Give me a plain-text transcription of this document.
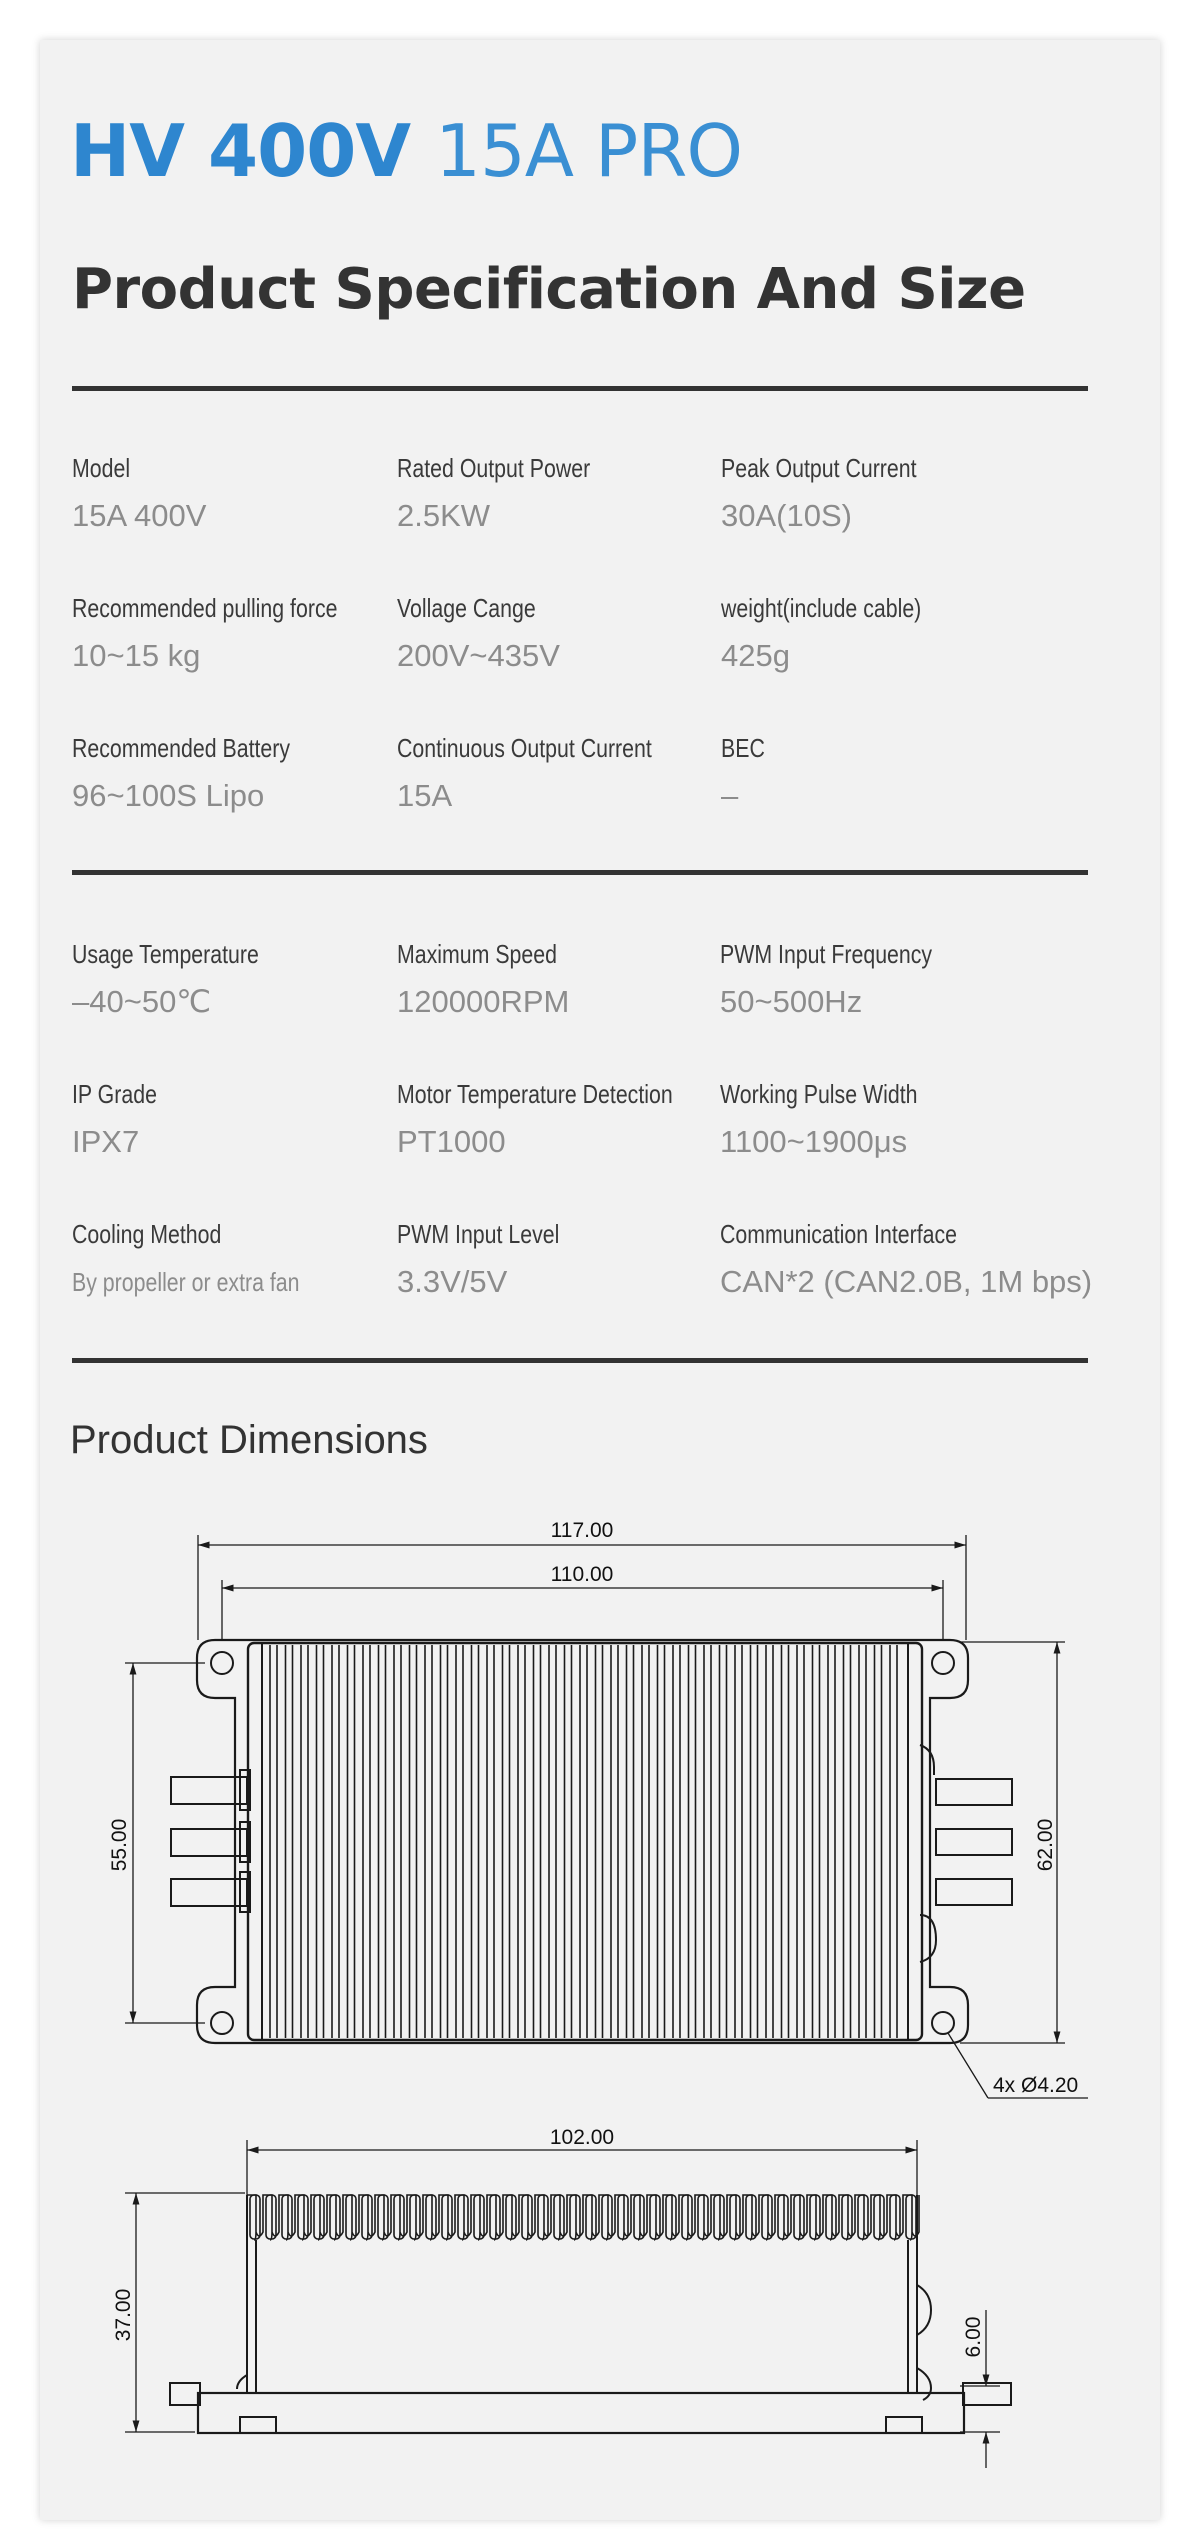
HV 400V 15A PRO
Product Specification And Size
Model
15A 400V
Rated Output Power
2.5KW
Peak Output Current
30A(10S)
Recommended pulling force
10~15 kg
Vollage Cange
200V~435V
weight(include cable)
425g
Recommended Battery
96~100S Lipo
Continuous Output Current
15A
BEC
–
Usage Temperature
–40~50℃
Maximum Speed
120000RPM
PWM Input Frequency
50~500Hz
IP Grade
IPX7
Motor Temperature Detection
PT1000
Working Pulse Width
1100~1900μs
Cooling Method
By propeller or extra fan
PWM Input Level
3.3V/5V
Communication Interface
CAN*2 (CAN2.0B, 1M bps)
Product Dimensions
117.00
110.00
55.00	62.00
4x Ø4.20
102.00
37.00	6.00
